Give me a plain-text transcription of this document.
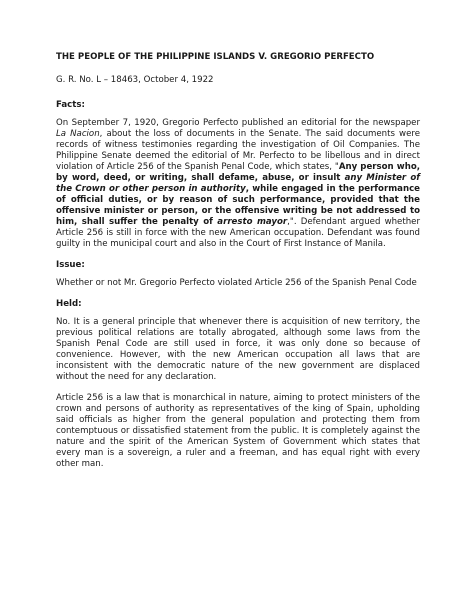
THE PEOPLE OF THE PHILIPPINE ISLANDS V. GREGORIO PERFECTO
G. R. No. L – 18463, October 4, 1922
Facts:
On September 7, 1920, Gregorio Perfecto published an editorial for the newspaper La Nacion, about the loss of documents in the Senate. The said documents were records of witness testimonies regarding the investigation of Oil Companies. The Philippine Senate deemed the editorial of Mr. Perfecto to be libellous and in direct violation of Article 256 of the Spanish Penal Code, which states, "Any person who, by word, deed, or writing, shall defame, abuse, or insult any Minister of the Crown or other person in authority, while engaged in the performance of official duties, or by reason of such performance, provided that the offensive minister or person, or the offensive writing be not addressed to him, shall suffer the penalty of arresto mayor,". Defendant argued whether Article 256 is still in force with the new American occupation. Defendant was found guilty in the municipal court and also in the Court of First Instance of Manila.
Issue:
Whether or not Mr. Gregorio Perfecto violated Article 256 of the Spanish Penal Code
Held:
No. It is a general principle that whenever there is acquisition of new territory, the previous political relations are totally abrogated, although some laws from the Spanish Penal Code are still used in force, it was only done so because of convenience. However, with the new American occupation all laws that are inconsistent with the democratic nature of the new government are displaced without the need for any declaration.
Article 256 is a law that is monarchical in nature, aiming to protect ministers of the crown and persons of authority as representatives of the king of Spain, upholding said officials as higher from the general population and protecting them from contemptuous or dissatisfied statement from the public. It is completely against the nature and the spirit of the American System of Government which states that every man is a sovereign, a ruler and a freeman, and has equal right with every other man.
